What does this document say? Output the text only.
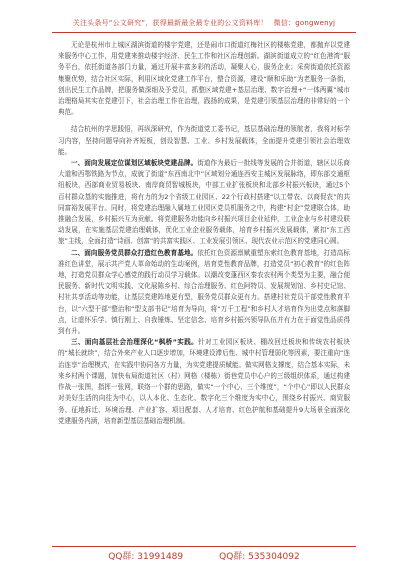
关注头条号“公文研究”，获得最新最全最专业的公文资料库！ 微信：gongwenyj

无论是杭州市上城区湖滨街道的楼宇党建，还是闹市口街道红梅社区的楼栋党建，都抛弃以党建来服务中心工作，用党建来推动楼宇经济、民生工作和社区治理创新。湖滨街道成立的“红色港湾”服务平台，依托街道各部门力量，通过开展丰富多彩的活动，凝聚人心，服务企业；采荷街道依托资源集聚优势，结合社区实际，利用区域化党建工作平台，整合资源，建设“顺和乐助”为老服务一条街，创出民生工作品牌，把服务做深细及予党员，抓整区域党建+基层治理、数字治理+“一体两翼”城市治理格局其实在党建引下，社会治理工作在治理，践扬的成果，是党建引领基层治理的非常好的一个典范。

结合杭州的学思践悟，再纵深研究，作为街道党工委书记，基层基础治理的领航者，我将对标学习内容，坚持问题导向补齐短板，创设智慧、工业、乡村发展载体，全面提升党建引领社会治理效能。

一、面向发展定位谋划区域板块党建品牌。街道作为最后一批线等发展的合并街道，辖区以乐商大道和西鄂铁路为节点，成就了街道“东西南北中”区域划分通连西安主城区发展脉络，即东部交通枢纽板块，西部商业贸易板块、南岸商贸智城板块，中部工业扩张板块和北部乡村振兴板块，通过5个百村群众基的实施推进，将有力的为2个省级工业园区、22个行政村搭建“以工带农、以商促农”的共同富裕发展平台。同时，将党建治理融入属地工业园区党员机服务之中，构建“村企”党建联合体，助推融合发展，乡村振兴互为贡献。将党建服务功能向乡村振兴项目企业延伸，工业企业与乡村建设联动发展，在实施基层党建治理载体，优化工业企业服务载体，培育乡村振兴发展载体，紧扣“东工西旅”主线，全面打造“诗画、创富”的共富实践区、工业发展引领区、现代农业示范区的党建同心圆。

二、面向服务党员群众打造红色教育基地。依托红色资源禀赋重塑东索红色教育基地，打造高标准红色讲堂，展示共产党人革命始动的生动案例，培育党性教育品牌，打造党员“初心教育”的红色阵地，打造党员群众学心感党的践行动员学习载体。以潮改变蓬西区秦农农村两个类型为主要，融合便民服务、新时代文明实践、文化展陈乡村、综合治理服务、红色阿特员、发展规划馆、乡村史记馆、村社共享活动等功能，让基层党建阵地更有型，服务党员群众更有力。搭建村社党员干部党性教育平台，以“六型干部”整治和“型支部书记”培育为导向，将“万千工程”和乡村人才培育作为出党点和落脚点，让虚怀乐学、慎行刚上、自我锤炼、坚定信念、培育乡村振兴领导队伍并有力在于面觉性品质得到有升。

三、面向基层社会治理深化“枫桥”实践。针对工业园区板块、棚改回迁板块和传统农村板块的“城长就续”，结合外来产业人口逐步增加，环境建设滞后性、城中村管理弱化等因素，要注重向“连治连享”治理模式，在实践中协同各方力量，为实党建提质赋能。做实网格支撑度，结合基本实际，未来乡村两个课题，加快布局街道社区（村）网格（楼栋）街巷党员中心户的三级组织体系，通过构建作战一张图，指挥一张网，联络一个群的思路，做实“一个中心、三个维度”，“个中心”即以人民群众对美好生活的向往为中心，以人本化、生态化、数字化三个维度为实中心，围绕乡村振兴、商贸服务、征地拆迁、环境治理、产业扩容、项目配套、人才培育、红色护航和基础提升9大场景全面深化党建服务内涵，培育新型基层基础治理机制。

QQ群: 31991489	QQ群: 535304092
